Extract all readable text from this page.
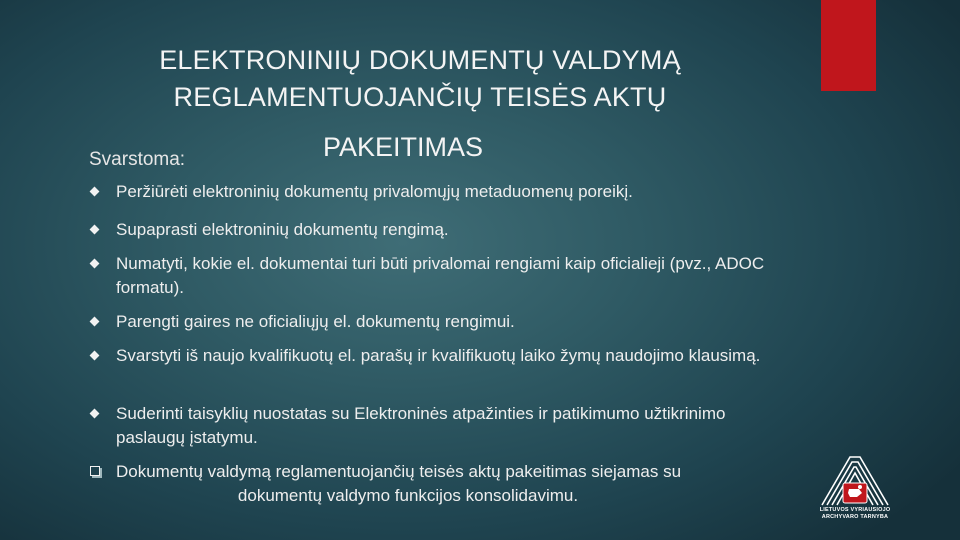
ELEKTRONINIŲ DOKUMENTŲ VALDYMĄ
REGLAMENTUOJANČIŲ TEISĖS AKTŲ
PAKEITIMAS
Svarstoma:
Peržiūrėti elektroninių dokumentų privalomųjų metaduomenų poreikį.
Supaprasti elektroninių dokumentų rengimą.
Numatyti, kokie el. dokumentai turi būti privalomai rengiami kaip oficialieji (pvz., ADOC formatu).
Parengti gaires ne oficialiųjų el. dokumentų rengimui.
Svarstyti iš naujo kvalifikuotų el. parašų ir kvalifikuotų laiko žymų naudojimo klausimą.
Suderinti taisyklių nuostatas su Elektroninės atpažinties ir patikimumo užtikrinimo paslaugų įstatymu.
Dokumentų valdymą reglamentuojančių teisės aktų pakeitimas siejamas su
dokumentų valdymo funkcijos konsolidavimu.
LIETUVOS VYRIAUSIOJO
ARCHYVARO TARNYBA
